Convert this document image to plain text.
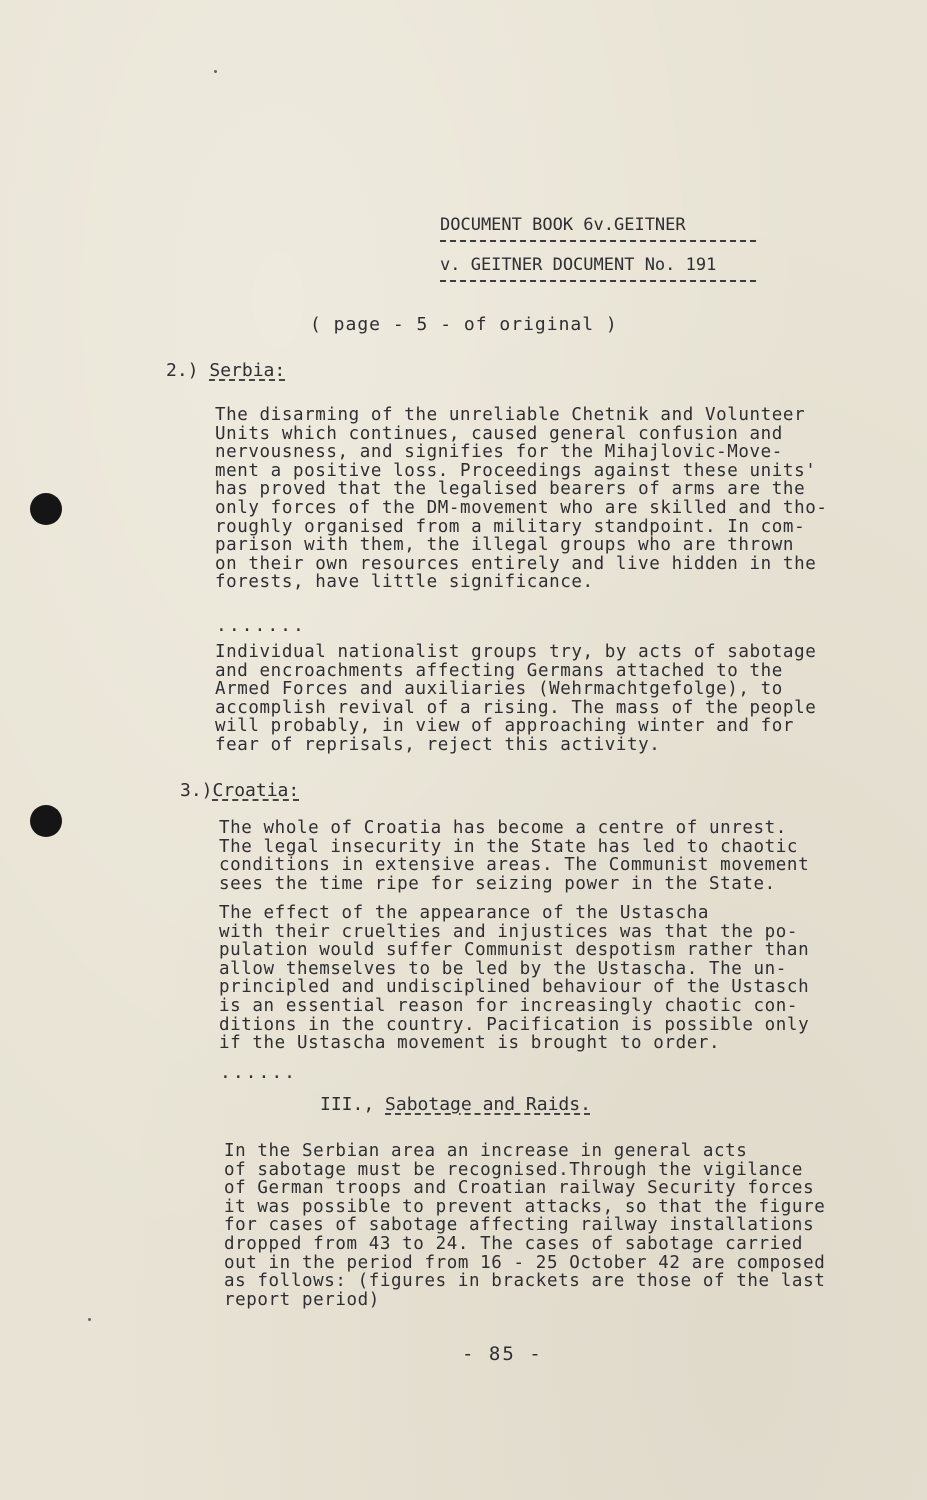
DOCUMENT BOOK 6v.GEITNER
v. GEITNER DOCUMENT No. 191
( page - 5 - of original )
2.) Serbia:
The disarming of the unreliable Chetnik and Volunteer
Units which continues, caused general confusion and
nervousness, and signifies for the Mihajlovic-Move-
ment a positive loss. Proceedings against these units'
has proved that the legalised bearers of arms are the
only forces of the DM-movement who are skilled and tho-
roughly organised from a military standpoint. In com-
parison with them, the illegal groups who are thrown
on their own resources entirely and live hidden in the
forests, have little significance.
.......
Individual nationalist groups try, by acts of sabotage
and encroachments affecting Germans attached to the
Armed Forces and auxiliaries (Wehrmachtgefolge), to
accomplish revival of a rising. The mass of the people
will probably, in view of approaching winter and for
fear of reprisals, reject this activity.
3.)Croatia:
The whole of Croatia has become a centre of unrest.
The legal insecurity in the State has led to chaotic
conditions in extensive areas. The Communist movement
sees the time ripe for seizing power in the State.
The effect of the appearance of the Ustascha
with their cruelties and injustices was that the po-
pulation would suffer Communist despotism rather than
allow themselves to be led by the Ustascha. The un-
principled and undisciplined behaviour of the Ustasch
is an essential reason for increasingly chaotic con-
ditions in the country. Pacification is possible only
if the Ustascha movement is brought to order.
......
III., Sabotage and Raids.
In the Serbian area an increase in general acts
of sabotage must be recognised.Through the vigilance
of German troops and Croatian railway Security forces
it was possible to prevent attacks, so that the figure
for cases of sabotage affecting railway installations
dropped from 43 to 24. The cases of sabotage carried
out in the period from 16 - 25 October 42 are composed
as follows: (figures in brackets are those of the last
report period)
- 85 -
